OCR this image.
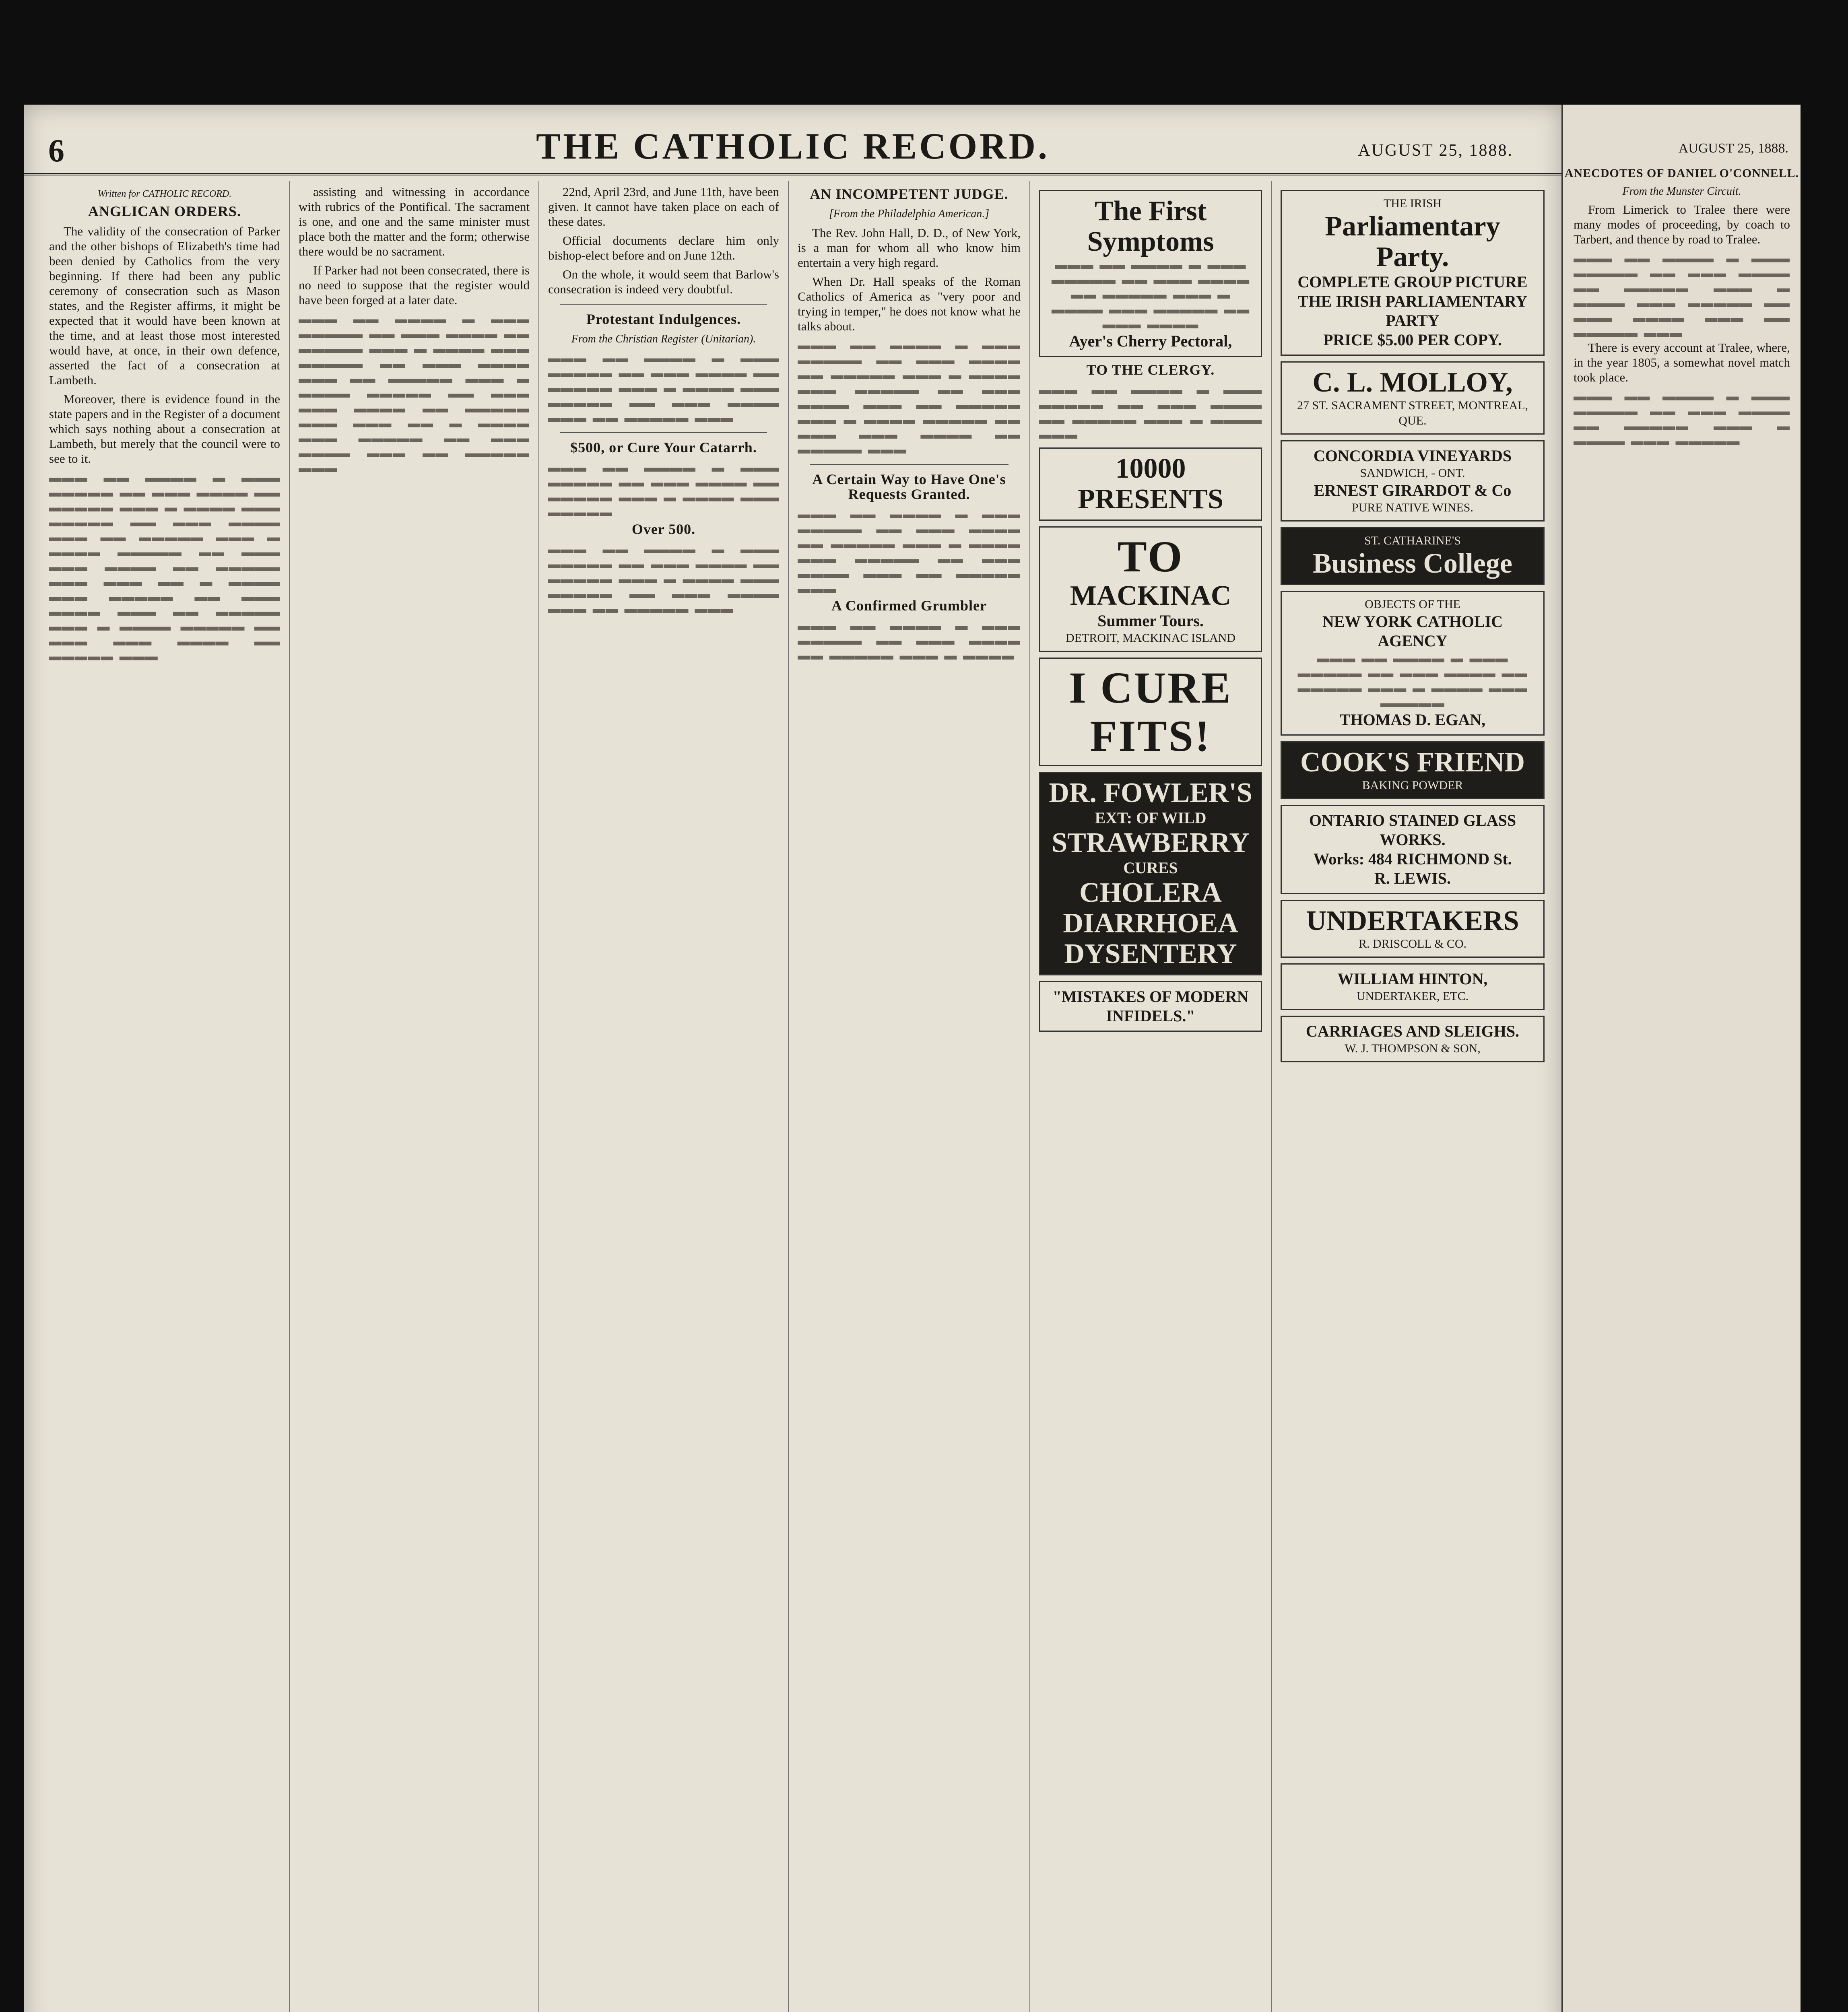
6	THE CATHOLIC RECORD.	AUGUST 25, 1888.
Written for CATHOLIC RECORD.
ANGLICAN ORDERS.

The validity of the consecration of Parker and the other bishops of Elizabeth's time had been denied by Catholics from the very beginning. If there had been any public ceremony of consecration such as Mason states, and the Register affirms, it might be expected that it would have been known at the time, and at least those most interested would have, at once, in their own defence, asserted the fact of a consecration at Lambeth.

Moreover, there is evidence found in the state papers and in the Register of a document which says nothing about a consecration at Lambeth, but merely that the council were to see to it.

▬▬▬ ▬▬ ▬▬▬▬ ▬ ▬▬▬ ▬▬▬▬▬ ▬▬ ▬▬▬ ▬▬▬▬ ▬▬ ▬▬▬▬▬ ▬▬▬ ▬ ▬▬▬▬ ▬▬▬ ▬▬▬▬▬ ▬▬ ▬▬▬ ▬▬▬▬ ▬▬▬ ▬▬ ▬▬▬▬▬ ▬▬▬ ▬ ▬▬▬▬ ▬▬▬▬▬ ▬▬ ▬▬▬ ▬▬▬ ▬▬▬▬ ▬▬ ▬▬▬▬▬ ▬▬▬ ▬▬▬ ▬▬ ▬ ▬▬▬▬ ▬▬▬ ▬▬▬▬▬ ▬▬ ▬▬▬ ▬▬▬▬ ▬▬▬ ▬▬ ▬▬▬▬▬ ▬▬▬ ▬ ▬▬▬▬ ▬▬▬▬▬ ▬▬ ▬▬▬ ▬▬▬ ▬▬▬▬ ▬▬ ▬▬▬▬▬ ▬▬▬

assisting and witnessing in accordance with rubrics of the Pontifical. The sacrament is one, and one and the same minister must place both the matter and the form; otherwise there would be no sacrament.

If Parker had not been consecrated, there is no need to suppose that the register would have been forged at a later date.

▬▬▬ ▬▬ ▬▬▬▬ ▬ ▬▬▬ ▬▬▬▬▬ ▬▬ ▬▬▬ ▬▬▬▬ ▬▬ ▬▬▬▬▬ ▬▬▬ ▬ ▬▬▬▬ ▬▬▬ ▬▬▬▬▬ ▬▬ ▬▬▬ ▬▬▬▬ ▬▬▬ ▬▬ ▬▬▬▬▬ ▬▬▬ ▬ ▬▬▬▬ ▬▬▬▬▬ ▬▬ ▬▬▬ ▬▬▬ ▬▬▬▬ ▬▬ ▬▬▬▬▬ ▬▬▬ ▬▬▬ ▬▬ ▬ ▬▬▬▬ ▬▬▬ ▬▬▬▬▬ ▬▬ ▬▬▬ ▬▬▬▬ ▬▬▬ ▬▬ ▬▬▬▬▬ ▬▬▬

22nd, April 23rd, and June 11th, have been given. It cannot have taken place on each of these dates.

Official documents declare him only bishop-elect before and on June 12th.

On the whole, it would seem that Barlow's consecration is indeed very doubtful.

Protestant Indulgences.
From the Christian Register (Unitarian).
▬▬▬ ▬▬ ▬▬▬▬ ▬ ▬▬▬ ▬▬▬▬▬ ▬▬ ▬▬▬ ▬▬▬▬ ▬▬ ▬▬▬▬▬ ▬▬▬ ▬ ▬▬▬▬ ▬▬▬ ▬▬▬▬▬ ▬▬ ▬▬▬ ▬▬▬▬ ▬▬▬ ▬▬ ▬▬▬▬▬ ▬▬▬
$500, or Cure Your Catarrh.
▬▬▬ ▬▬ ▬▬▬▬ ▬ ▬▬▬ ▬▬▬▬▬ ▬▬ ▬▬▬ ▬▬▬▬ ▬▬ ▬▬▬▬▬ ▬▬▬ ▬ ▬▬▬▬ ▬▬▬ ▬▬▬▬▬
Over 500.
▬▬▬ ▬▬ ▬▬▬▬ ▬ ▬▬▬ ▬▬▬▬▬ ▬▬ ▬▬▬ ▬▬▬▬ ▬▬ ▬▬▬▬▬ ▬▬▬ ▬ ▬▬▬▬ ▬▬▬ ▬▬▬▬▬ ▬▬ ▬▬▬ ▬▬▬▬ ▬▬▬ ▬▬ ▬▬▬▬▬ ▬▬▬
AN INCOMPETENT JUDGE.
[From the Philadelphia American.]

The Rev. John Hall, D. D., of New York, is a man for whom all who know him entertain a very high regard.

When Dr. Hall speaks of the Roman Catholics of America as "very poor and trying in temper," he does not know what he talks about.

▬▬▬ ▬▬ ▬▬▬▬ ▬ ▬▬▬ ▬▬▬▬▬ ▬▬ ▬▬▬ ▬▬▬▬ ▬▬ ▬▬▬▬▬ ▬▬▬ ▬ ▬▬▬▬ ▬▬▬ ▬▬▬▬▬ ▬▬ ▬▬▬ ▬▬▬▬ ▬▬▬ ▬▬ ▬▬▬▬▬ ▬▬▬ ▬ ▬▬▬▬ ▬▬▬▬▬ ▬▬ ▬▬▬ ▬▬▬ ▬▬▬▬ ▬▬ ▬▬▬▬▬ ▬▬▬
A Certain Way to Have One's Requests Granted.
▬▬▬ ▬▬ ▬▬▬▬ ▬ ▬▬▬ ▬▬▬▬▬ ▬▬ ▬▬▬ ▬▬▬▬ ▬▬ ▬▬▬▬▬ ▬▬▬ ▬ ▬▬▬▬ ▬▬▬ ▬▬▬▬▬ ▬▬ ▬▬▬ ▬▬▬▬ ▬▬▬ ▬▬ ▬▬▬▬▬ ▬▬▬
A Confirmed Grumbler
▬▬▬ ▬▬ ▬▬▬▬ ▬ ▬▬▬ ▬▬▬▬▬ ▬▬ ▬▬▬ ▬▬▬▬ ▬▬ ▬▬▬▬▬ ▬▬▬ ▬ ▬▬▬▬
The First Symptoms
▬▬▬ ▬▬ ▬▬▬▬ ▬ ▬▬▬ ▬▬▬▬▬ ▬▬ ▬▬▬ ▬▬▬▬ ▬▬ ▬▬▬▬▬ ▬▬▬ ▬ ▬▬▬▬ ▬▬▬ ▬▬▬▬▬ ▬▬ ▬▬▬ ▬▬▬▬
Ayer's Cherry Pectoral,
TO THE CLERGY.
▬▬▬ ▬▬ ▬▬▬▬ ▬ ▬▬▬ ▬▬▬▬▬ ▬▬ ▬▬▬ ▬▬▬▬ ▬▬ ▬▬▬▬▬ ▬▬▬ ▬ ▬▬▬▬ ▬▬▬
10000 PRESENTS
TO
MACKINAC
Summer Tours.
DETROIT, MACKINAC ISLAND
I CURE
FITS!
DR. FOWLER'S
EXT: OF WILD
STRAWBERRY
CURES
CHOLERA
DIARRHOEA
DYSENTERY
"MISTAKES OF MODERN INFIDELS."
THE IRISH
Parliamentary Party.
COMPLETE GROUP PICTURE
THE IRISH PARLIAMENTARY PARTY
PRICE $5.00 PER COPY.
C. L. MOLLOY,
27 ST. SACRAMENT STREET, MONTREAL, QUE.
CONCORDIA VINEYARDS
SANDWICH, - ONT.
ERNEST GIRARDOT & Co
PURE NATIVE WINES.
ST. CATHARINE'S
Business College
OBJECTS OF THE
NEW YORK CATHOLIC AGENCY
▬▬▬ ▬▬ ▬▬▬▬ ▬ ▬▬▬ ▬▬▬▬▬ ▬▬ ▬▬▬ ▬▬▬▬ ▬▬ ▬▬▬▬▬ ▬▬▬ ▬ ▬▬▬▬ ▬▬▬ ▬▬▬▬▬
THOMAS D. EGAN,
COOK'S FRIEND
BAKING POWDER
ONTARIO STAINED GLASS WORKS.
Works: 484 RICHMOND St.
R. LEWIS.
UNDERTAKERS
R. DRISCOLL & CO.
WILLIAM HINTON,
UNDERTAKER, ETC.
CARRIAGES AND SLEIGHS.
W. J. THOMPSON & SON,
AUGUST 25, 1888.
ANECDOTES OF DANIEL O'CONNELL.
From the Munster Circuit.

From Limerick to Tralee there were many modes of proceeding, by coach to Tarbert, and thence by road to Tralee.

▬▬▬ ▬▬ ▬▬▬▬ ▬ ▬▬▬ ▬▬▬▬▬ ▬▬ ▬▬▬ ▬▬▬▬ ▬▬ ▬▬▬▬▬ ▬▬▬ ▬ ▬▬▬▬ ▬▬▬ ▬▬▬▬▬ ▬▬ ▬▬▬ ▬▬▬▬ ▬▬▬ ▬▬ ▬▬▬▬▬ ▬▬▬

There is every account at Tralee, where, in the year 1805, a somewhat novel match took place.

▬▬▬ ▬▬ ▬▬▬▬ ▬ ▬▬▬ ▬▬▬▬▬ ▬▬ ▬▬▬ ▬▬▬▬ ▬▬ ▬▬▬▬▬ ▬▬▬ ▬ ▬▬▬▬ ▬▬▬ ▬▬▬▬▬
